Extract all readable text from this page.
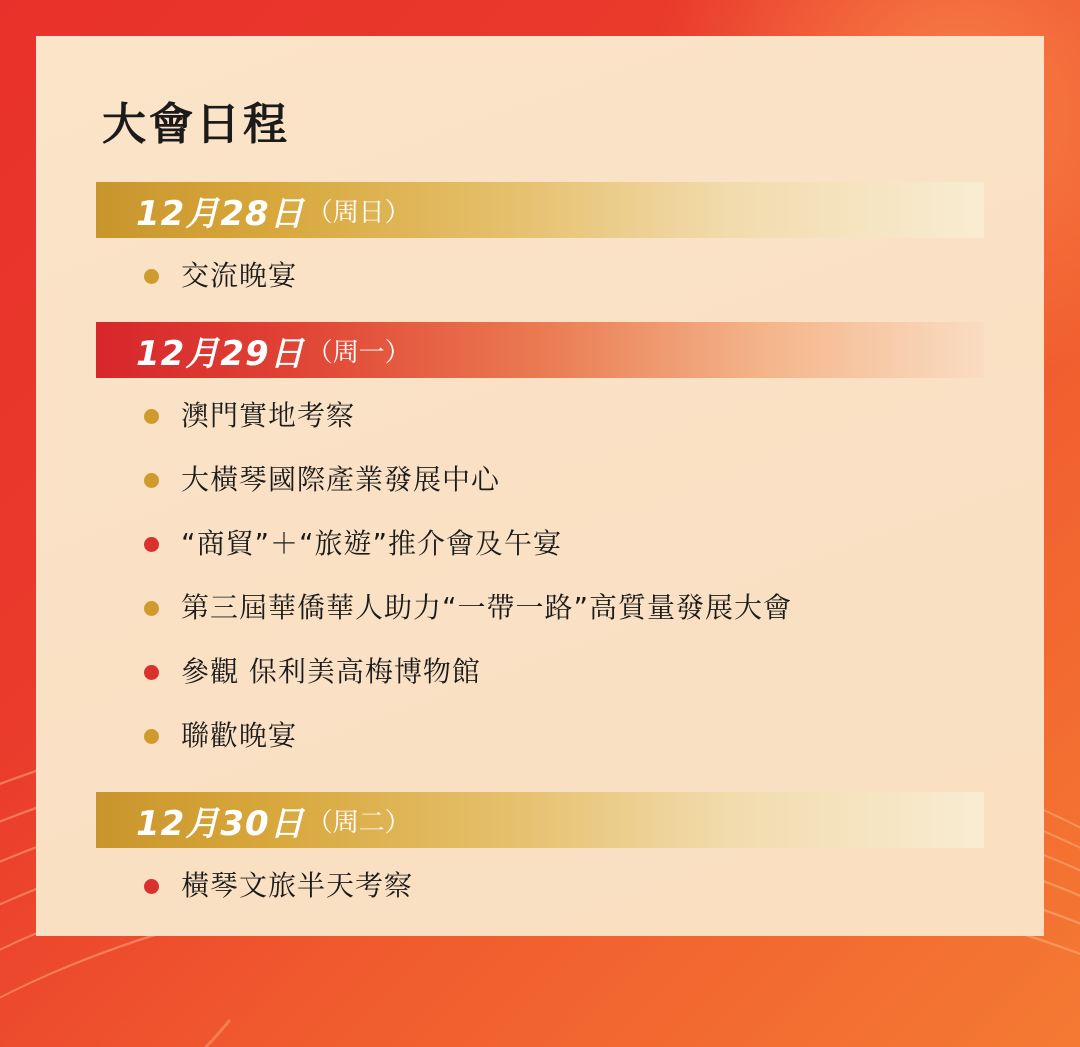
大會日程
12月28日 （周日）
交流晚宴
12月29日 （周一）
澳門實地考察
大橫琴國際產業發展中心
“商貿”＋“旅遊”推介會及午宴
第三屆華僑華人助力“一帶一路”高質量發展大會
參觀 保利美高梅博物館
聯歡晚宴
12月30日 （周二）
橫琴文旅半天考察
